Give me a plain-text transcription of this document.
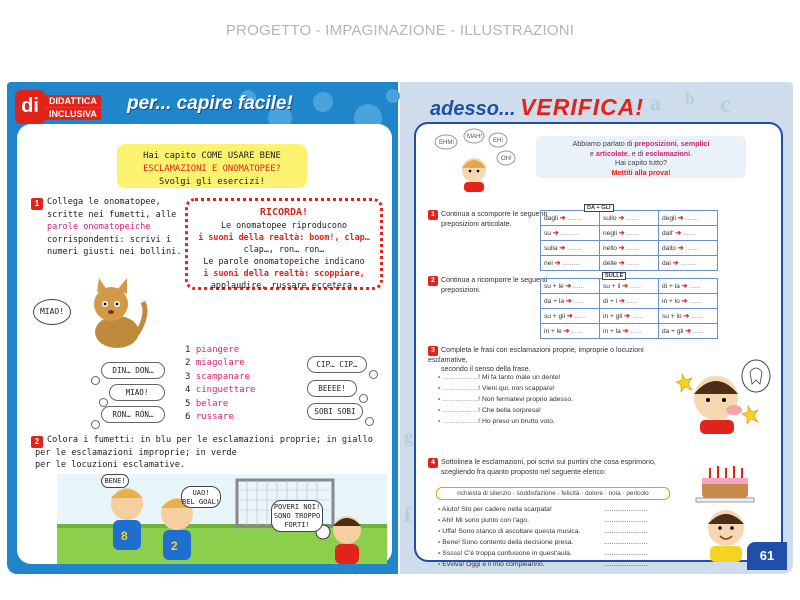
PROGETTO - IMPAGINAZIONE - ILLUSTRAZIONI
di	DIDATTICA
INCLUSIVA per... capire facile!
Hai capito COME USARE BENE
ESCLAMAZIONI E ONOMATOPEE?
Svolgi gli esercizi!
1 Collega le onomatopee,
scritte nei fumetti, alle
parole onomatopeiche
corrispondenti: scrivi i
numeri giusti nei bollini.
RICORDA!
Le onomatopee riproducono
i suoni della realtà: boom!, clap…
clap…, ron… ron…
Le parole onomatopeiche indicano
i suoni della realtà: scoppiare,
applaudire, russare eccetera.
MIAO!
1 piangere
2 miagolare
3 scampanare
4 cinguettare
5 belare
6 russare
DIN… DON…
MIAO!
RON… RON…
CIP… CIP…
BEEEE!
SOBI SOBI
2 Colora i fumetti: in blu per le esclamazioni proprie; in giallo
per le esclamazioni improprie; in verde
per le locuzioni esclamative.
8
2
BENE!
UAO!
BEL GOAL!
POVERI NOI!
SONO TROPPO
FORTI!
60
a b c
f
g
adesso... VERIFICA!
EHM!
MAH!
EH!
OH!
Abbiamo parlato di preposizioni, semplici
e articolate, e di esclamazioni.
Hai capito tutto?
Mettiti alla prova!
1 Continua a scomporre le seguenti
preposizioni articolate.
dagli ➔ ........	sullo ➔ .......	degli ➔ .......
su ➔ ..........	negli ➔ .......	dall' ➔ .......
sulla ➔ ........	nello ➔ .......	dallo ➔ .......
nei ➔ ..........	delle ➔ .......	dai ➔ .........
DA + GLI
2 Continua a ricomporre le seguenti
preposizioni.	su + le ➔ ......	su + il ➔ ......	di + la ➔ ......
da + la ➔ ......	di + i ➔ ......	in + lo ➔ ......
su + gli ➔ ......	in + gli ➔ ......	su + lo ➔ ......
in + le ➔ ......	in + la ➔ ......	da + gli ➔ ......
SULLE
3 Completa le frasi con esclamazioni proprie, improprie o locuzioni esclamative,
secondo il senso della frase.
• ...................! Mi fa tanto male un dente!
• ...................! Vieni qui, non scappare!
• ...................! Non fermatevi proprio adesso.
• ...................! Che bella sorpresa!
• ...................! Ho preso un brutto voto.
4 Sottolinea le esclamazioni, poi scrivi sui puntini che cosa esprimono,
scegliendo fra quanto proposto nel seguente elenco:
richiesta di silenzio · soddisfazione · felicità · dolore · noia · pericolo
• Aiuto! Sto per cadere nella scarpata!
• Ahi! Mi sono punto con l'ago.
• Uffa! Sono stanco di ascoltare questa musica.
• Bene! Sono contento della decisione presa.
• Sssss! C'è troppa confusione in quest'aula.
• Evviva! Oggi è il mio compleanno.
.......................
.......................
.......................
.......................
.......................
.......................
61
